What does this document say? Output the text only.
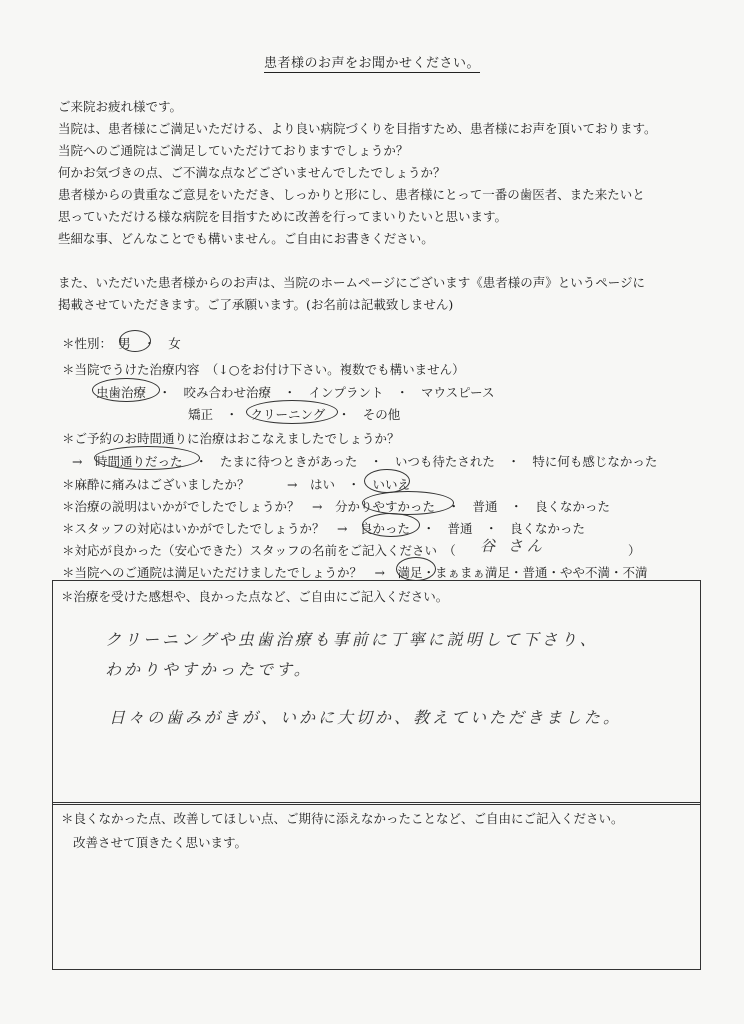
患者様のお声をお聞かせください。
ご来院お疲れ様です。
当院は、患者様にご満足いただける、より良い病院づくりを目指すため、患者様にお声を頂いております。
当院へのご通院はご満足していただけておりますでしょうか？
何かお気づきの点、ご不満な点などございませんでしたでしょうか？
患者様からの貴重なご意見をいただき、しっかりと形にし、患者様にとって一番の歯医者、また来たいと
思っていただける様な病院を目指すために改善を行ってまいりたいと思います。
些細な事、どんなことでも構いません。ご自由にお書きください。
また、いただいた患者様からのお声は、当院のホームページにございます《患者様の声》というページに
掲載させていただきます。ご了承願います。(お名前は記載致しません)
＊性別：　男　・　女
＊当院でうけた治療内容　（↓○をお付け下さい。複数でも構いません）
虫歯治療　・　咬み合わせ治療　・　インプラント　・　マウスピース
矯正　・　クリーニング　・　その他
＊ご予約のお時間通りに治療はおこなえましたでしょうか？
→　時間通りだった　・　たまに待つときがあった　・　いつも待たされた　・　特に何も感じなかった
＊麻酔に痛みはございましたか？　　　→　はい　・　いいえ
＊治療の説明はいかがでしたでしょうか？　→　分かりやすかった　・　普通　・　良くなかった
＊スタッフの対応はいかがでしたでしょうか？　→　良かった　・　普通　・　良くなかった
＊対応が良かった（安心できた）スタッフの名前をご記入ください　（ 谷 さん	）
＊当院へのご通院は満足いただけましたでしょうか？　→　満足・まぁまぁ満足・普通・やや不満・不満
＊治療を受けた感想や、良かった点など、ご自由にご記入ください。
クリーニングや虫歯治療も事前に丁寧に説明して下さり、
わかりやすかったです。
日々の歯みがきが、いかに大切か、教えていただきました。
＊良くなかった点、改善してほしい点、ご期待に添えなかったことなど、ご自由にご記入ください。
改善させて頂きたく思います。
